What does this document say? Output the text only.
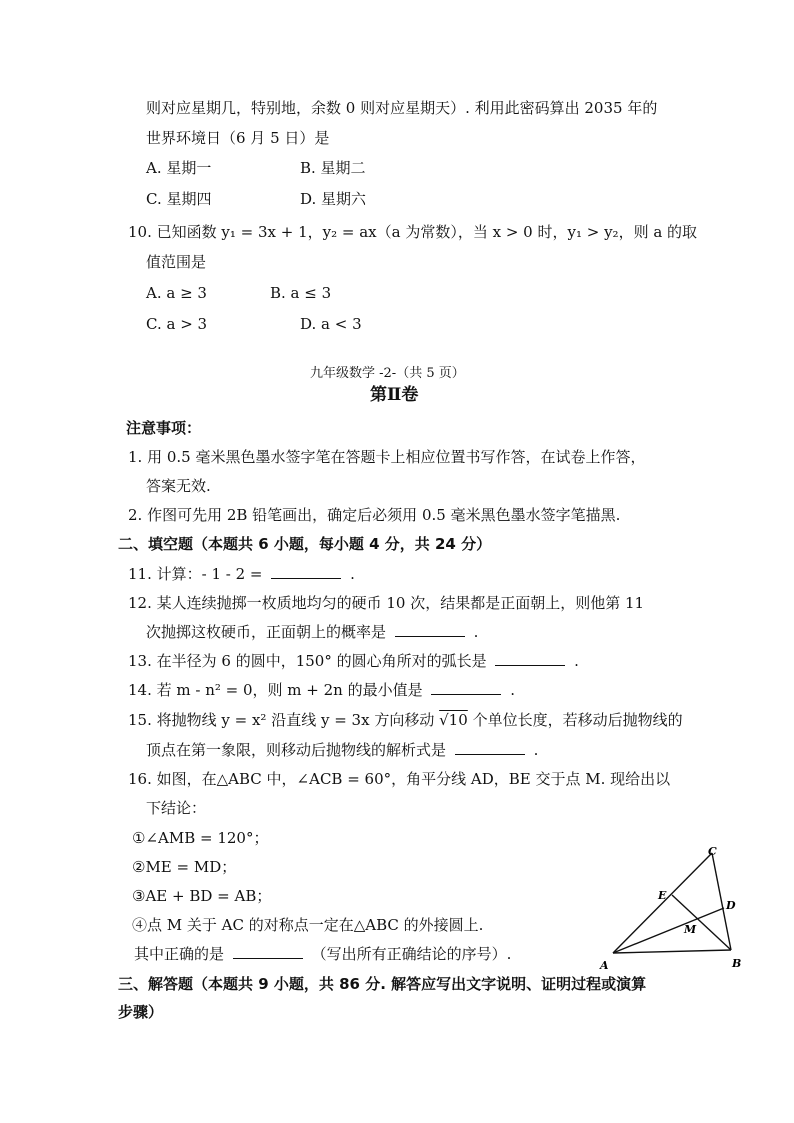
则对应星期几，特别地，余数 0 则对应星期天）. 利用此密码算出 2035 年的
世界环境日（6 月 5 日）是
A. 星期一	B. 星期二
C. 星期四	D. 星期六
10. 已知函数 y₁ = 3x + 1，y₂ = ax（a 为常数），当 x > 0 时，y₁ > y₂，则 a 的取
值范围是
A. a ≥ 3	B. a ≤ 3
C. a > 3	D. a < 3
九年级数学 -2-（共 5 页）
第Ⅱ卷
注意事项：
1. 用 0.5 毫米黑色墨水签字笔在答题卡上相应位置书写作答，在试卷上作答，
答案无效.
2. 作图可先用 2B 铅笔画出，确定后必须用 0.5 毫米黑色墨水签字笔描黑.
二、填空题（本题共 6 小题，每小题 4 分，共 24 分）
11. 计算：- 1 - 2 =	.
12. 某人连续抛掷一枚质地均匀的硬币 10 次，结果都是正面朝上，则他第 11
次抛掷这枚硬币，正面朝上的概率是	.
13. 在半径为 6 的圆中，150° 的圆心角所对的弧长是	.
14. 若 m - n² = 0，则 m + 2n 的最小值是	.
15. 将抛物线 y = x² 沿直线 y = 3x 方向移动 √10 个单位长度，若移动后抛物线的
顶点在第一象限，则移动后抛物线的解析式是	.
16. 如图，在△ABC 中，∠ACB = 60°，角平分线 AD，BE 交于点 M. 现给出以
下结论：
①∠AMB = 120°；
②ME = MD；
③AE + BD = AB；
④点 M 关于 AC 的对称点一定在△ABC 的外接圆上.
其中正确的是	（写出所有正确结论的序号）.
C
E
D
M
A	B
三、解答题（本题共 9 小题，共 86 分. 解答应写出文字说明、证明过程或演算
步骤）
